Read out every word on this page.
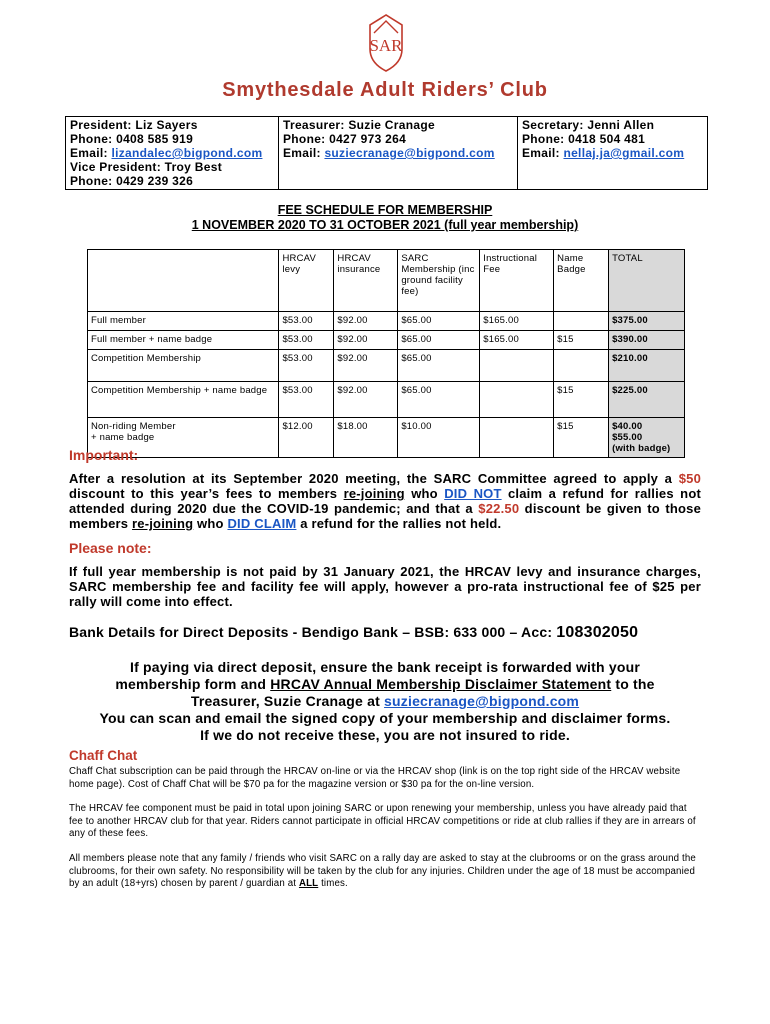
SAR
Smythesdale Adult Riders’ Club
President: Liz Sayers
Phone: 0408 585 919
Email: lizandalec@bigpond.com
Vice President: Troy Best
Phone: 0429 239 326

Treasurer: Suzie Cranage
Phone: 0427 973 264
Email: suziecranage@bigpond.com

Secretary: Jenni Allen
Phone: 0418 504 481
Email: nellaj.ja@gmail.com
FEE SCHEDULE FOR MEMBERSHIP
1 NOVEMBER 2020 TO 31 OCTOBER 2021 (full year membership)
	HRCAV levy	HRCAV insurance	SARC Membership (inc ground facility fee)	Instructional Fee	Name Badge	TOTAL
Full member	$53.00	$92.00	$65.00	$165.00		$375.00
Full member + name badge	$53.00	$92.00	$65.00	$165.00	$15	$390.00
Competition Membership	$53.00	$92.00	$65.00			$210.00
Competition Membership + name badge	$53.00	$92.00	$65.00		$15	$225.00
Non-riding Member
+ name badge	$12.00	$18.00	$10.00		$15	$40.00
$55.00
(with badge)
Important:
After a resolution at its September 2020 meeting, the SARC Committee agreed to apply a $50 discount to this year’s fees to members re-joining who DID NOT claim a refund for rallies not attended during 2020 due the COVID-19 pandemic; and that a $22.50 discount be given to those members re-joining who DID CLAIM a refund for the rallies not held.
Please note:
If full year membership is not paid by 31 January 2021, the HRCAV levy and insurance charges, SARC membership fee and facility fee will apply, however a pro-rata instructional fee of $25 per rally will come into effect.
Bank Details for Direct Deposits - Bendigo Bank – BSB: 633 000 – Acc: 108302050
If paying via direct deposit, ensure the bank receipt is forwarded with your
membership form and HRCAV Annual Membership Disclaimer Statement to the
Treasurer, Suzie Cranage at suziecranage@bigpond.com
You can scan and email the signed copy of your membership and disclaimer forms.
If we do not receive these, you are not insured to ride.
Chaff Chat
Chaff Chat subscription can be paid through the HRCAV on-line or via the HRCAV shop (link is on the top right side of the HRCAV website home page). Cost of Chaff Chat will be $70 pa for the magazine version or $30 pa for the on-line version.
The HRCAV fee component must be paid in total upon joining SARC or upon renewing your membership, unless you have already paid that fee to another HRCAV club for that year. Riders cannot participate in official HRCAV competitions or ride at club rallies if they are in arrears of any of these fees.
All members please note that any family / friends who visit SARC on a rally day are asked to stay at the clubrooms or on the grass around the clubrooms, for their own safety. No responsibility will be taken by the club for any injuries. Children under the age of 18 must be accompanied by an adult (18+yrs) chosen by parent / guardian at ALL times.
